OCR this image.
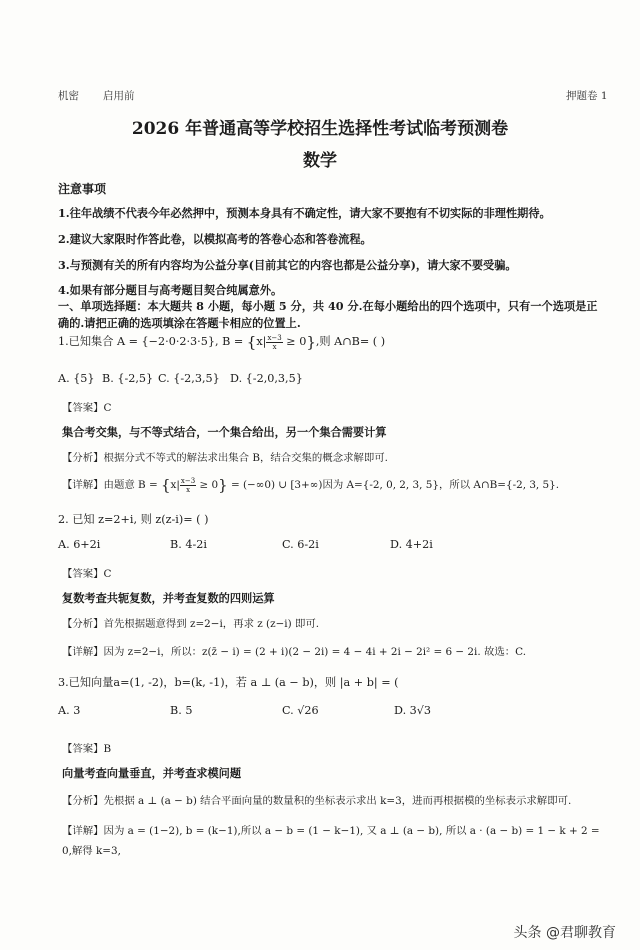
机密 启用前	押题卷 1
2026 年普通高等学校招生选择性考试临考预测卷
数学
注意事项
1.往年战绩不代表今年必然押中，预测本身具有不确定性，请大家不要抱有不切实际的非理性期待。
2.建议大家限时作答此卷，以模拟高考的答卷心态和答卷流程。
3.与预测有关的所有内容均为公益分享(目前其它的内容也都是公益分享)，请大家不要受骗。
4.如果有部分题目与高考题目契合纯属意外。
一、单项选择题：本大题共 8 小题，每小题 5 分，共 40 分.在每小题给出的四个选项中，只有一个选项是正
确的.请把正确的选项填涂在答题卡相应的位置上.
1.已知集合 A = {−2·0·2·3·5}, $B = \{x| \frac{x-3}{x} \ge 0\}$,则 A∩B= ( )
A. {5} B. {-2,5} C. {-2,3,5} D. {-2,0,3,5}
【答案】C
集合考交集，与不等式结合，一个集合给出，另一个集合需要计算
【分析】根据分式不等式的解法求出集合 B，结合交集的概念求解即可.
【详解】由题意 $B = \{x| \frac{x-3}{x} \ge 0\} = (-\infty 0)$ ∪ [3+∞)因为 A={-2, 0, 2, 3, 5}，所以 A∩B={-2, 3, 5}.
2. 已知 z=2+i, 则 z(z-i)= ( )
A. 6+2i	B. 4-2i	C. 6-2i	D. 4+2i
【答案】C
复数考查共轭复数，并考查复数的四则运算
【分析】首先根据题意得到 z=2−i，再求 z (z−i) 即可.
【详解】因为 z=2−i，所以：z(z̄ − i) = (2 + i)(2 − 2i) = 4 − 4i + 2i − 2i² = 6 − 2i. 故选：C.
3.已知向量a=(1, -2)，b=(k, -1)，若 a ⊥ (a − b)，则 |a + b| = (
A. 3	B. 5	C. √26	D. 3√3
【答案】B
向量考查向量垂直，并考查求模问题
【分析】先根据 a ⊥ (a − b) 结合平面向量的数量积的坐标表示求出 k=3，进而再根据模的坐标表示求解即可.
【详解】因为 a = (1−2), b = (k−1),所以 a − b = (1 − k−1), 又 a ⊥ (a − b), 所以 a · (a − b) = 1 − k + 2 =
0,解得 k=3,
头条 @君聊教育
